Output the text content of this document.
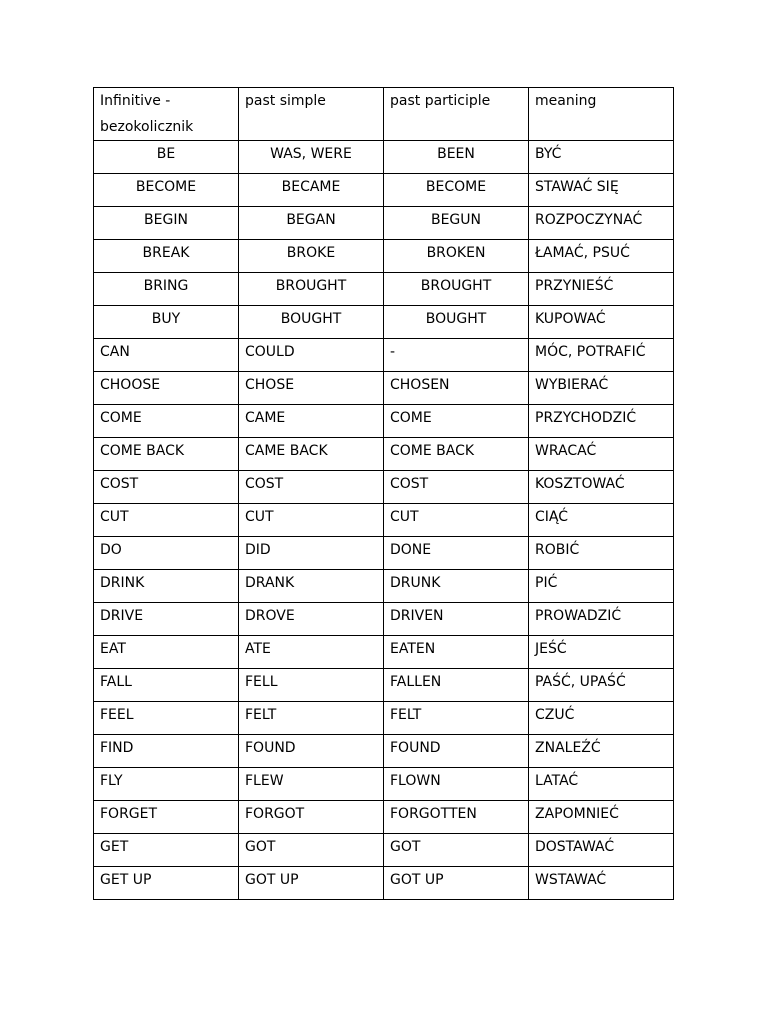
Infinitive - bezokolicznik	past simple	past participle	meaning
BE	WAS, WERE	BEEN	BYĆ
BECOME	BECAME	BECOME	STAWAĆ SIĘ
BEGIN	BEGAN	BEGUN	ROZPOCZYNAĆ
BREAK	BROKE	BROKEN	ŁAMAĆ, PSUĆ
BRING	BROUGHT	BROUGHT	PRZYNIEŚĆ
BUY	BOUGHT	BOUGHT	KUPOWAĆ
CAN	COULD	-	MÓC, POTRAFIĆ
CHOOSE	CHOSE	CHOSEN	WYBIERAĆ
COME	CAME	COME	PRZYCHODZIĆ
COME BACK	CAME BACK	COME BACK	WRACAĆ
COST	COST	COST	KOSZTOWAĆ
CUT	CUT	CUT	CIĄĆ
DO	DID	DONE	ROBIĆ
DRINK	DRANK	DRUNK	PIĆ
DRIVE	DROVE	DRIVEN	PROWADZIĆ
EAT	ATE	EATEN	JEŚĆ
FALL	FELL	FALLEN	PAŚĆ, UPAŚĆ
FEEL	FELT	FELT	CZUĆ
FIND	FOUND	FOUND	ZNALEŹĆ
FLY	FLEW	FLOWN	LATAĆ
FORGET	FORGOT	FORGOTTEN	ZAPOMNIEĆ
GET	GOT	GOT	DOSTAWAĆ
GET UP	GOT UP	GOT UP	WSTAWAĆ
